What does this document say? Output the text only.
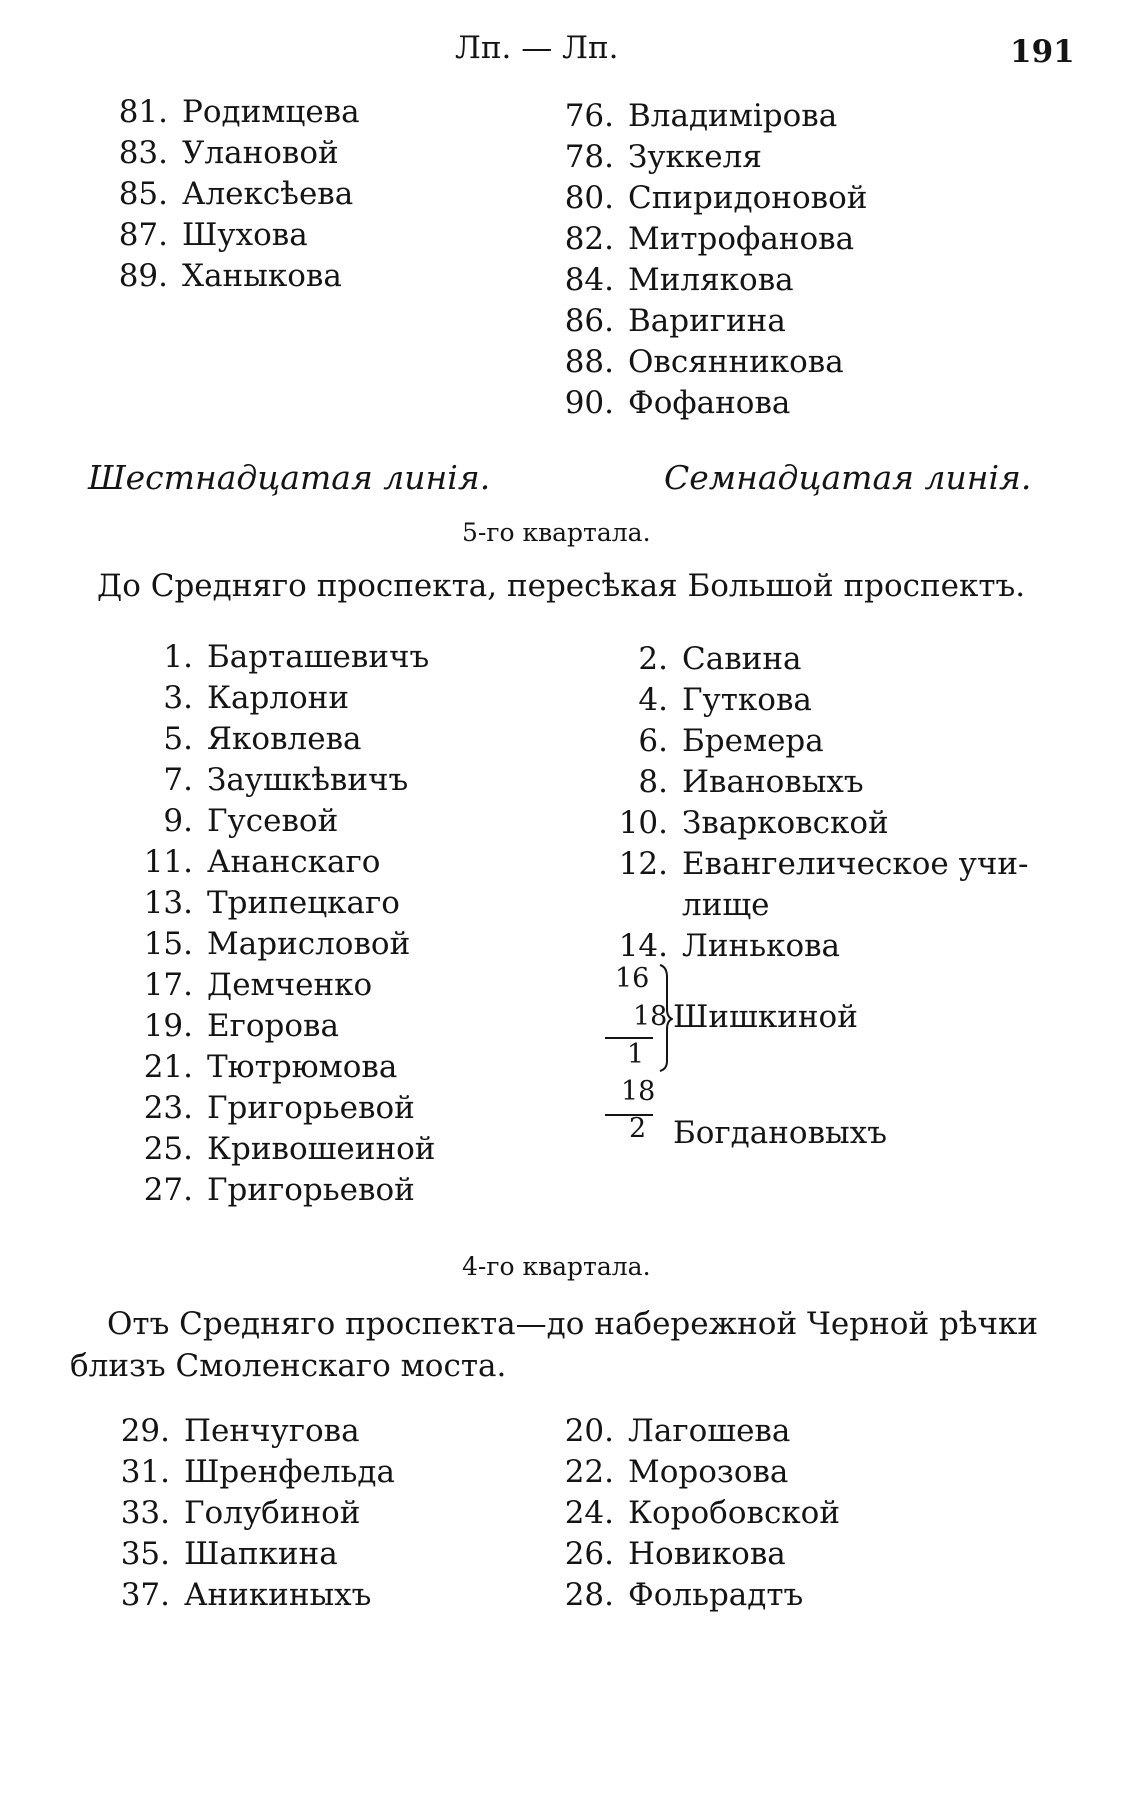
Лп. — Лп.	191
81. Родимцева
83. Улановой
85. Алексѣева
87. Шухова
89. Ханыкова
76. Владимірова
78. Зуккеля
80. Спиридоновой
82. Митрофанова
84. Милякова
86. Варигина
88. Овсянникова
90. Фофанова
Шестнадцатая линія.	Семнадцатая линія.
5-го квартала.
До Средняго проспекта, пересѣкая Большой проспектъ.
1. Барташевичъ
3. Карлони
5. Яковлева
7. Заушкѣвичъ
9. Гусевой
11. Ананскаго
13. Трипецкаго
15. Марисловой
17. Демченко
19. Егорова
21. Тютрюмова
23. Григорьевой
25. Кривошеиной
27. Григорьевой
2. Савина
4. Гуткова
6. Бремера
8. Ивановыхъ
10. Зварковской
12. Евангелическое учи-
лище
14. Линькова
16
18
1
18
2
Шишкиной
Богдановыхъ
4-го квартала.
Отъ Средняго проспекта—до набережной Черной рѣчки
близъ Смоленскаго моста.
29. Пенчугова
31. Шренфельда
33. Голубиной
35. Шапкина
37. Аникиныхъ
20. Лагошева
22. Морозова
24. Коробовской
26. Новикова
28. Фольрадтъ
